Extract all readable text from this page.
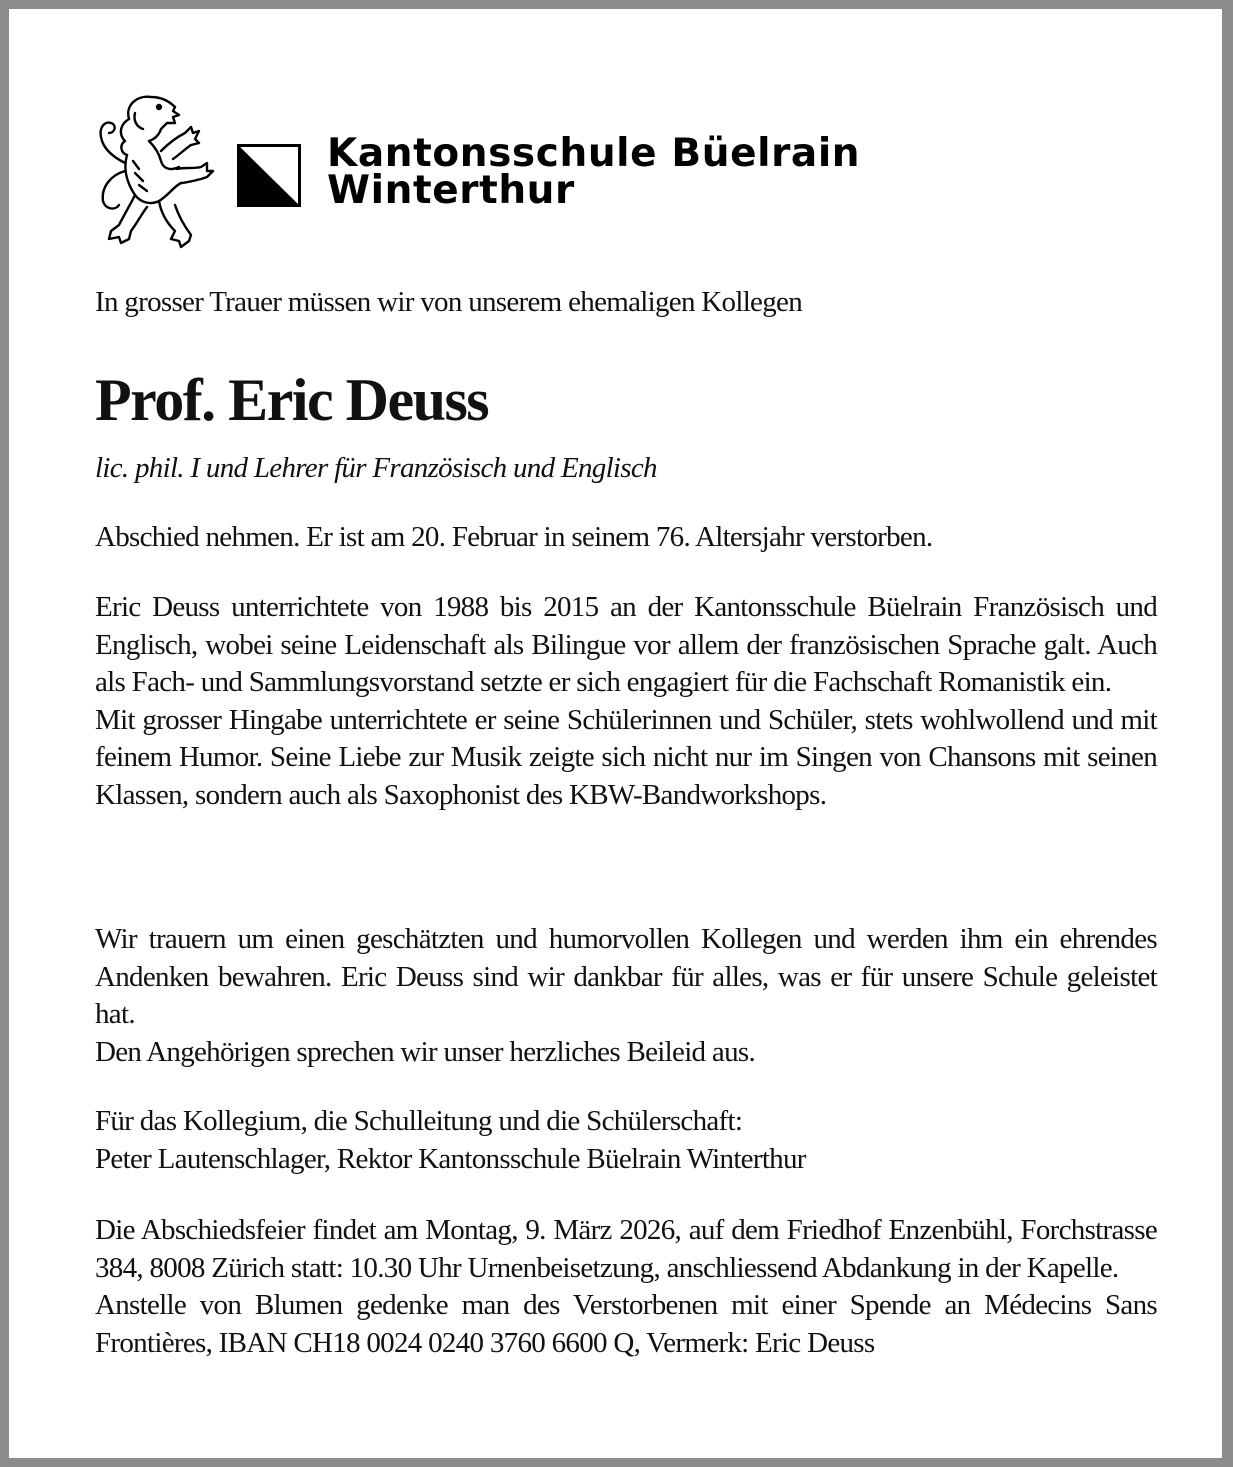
Kantonsschule Büelrain
Winterthur
In grosser Trauer müssen wir von unserem ehemaligen Kollegen
Prof. Eric Deuss
lic. phil. I und Lehrer für Französisch und Englisch
Abschied nehmen. Er ist am 20. Februar in seinem 76. Altersjahr verstorben.

Eric Deuss unterrichtete von 1988 bis 2015 an der Kantonsschule Büelrain Französisch und Englisch, wobei seine Leidenschaft als Bilingue vor allem der französischen Sprache galt. Auch als Fach- und Sammlungsvorstand setzte er sich engagiert für die Fachschaft Romanistik ein.

Mit grosser Hingabe unterrichtete er seine Schülerinnen und Schüler, stets wohlwollend und mit feinem Humor. Seine Liebe zur Musik zeigte sich nicht nur im Singen von Chansons mit seinen Klassen, sondern auch als Saxophonist des KBW-Bandworkshops.

Wir trauern um einen geschätzten und humorvollen Kollegen und werden ihm ein ehrendes Andenken bewahren. Eric Deuss sind wir dankbar für alles, was er für unsere Schule geleistet hat.

Den Angehörigen sprechen wir unser herzliches Beileid aus.

Für das Kollegium, die Schulleitung und die Schülerschaft:

Peter Lautenschlager, Rektor Kantonsschule Büelrain Winterthur

Die Abschiedsfeier findet am Montag, 9. März 2026, auf dem Friedhof Enzenbühl, Forchstrasse 384, 8008 Zürich statt: 10.30 Uhr Urnenbeisetzung, anschliessend Abdankung in der Kapelle.

Anstelle von Blumen gedenke man des Verstorbenen mit einer Spende an Médecins Sans Frontières, IBAN CH18 0024 0240 3760 6600 Q, Vermerk: Eric Deuss
